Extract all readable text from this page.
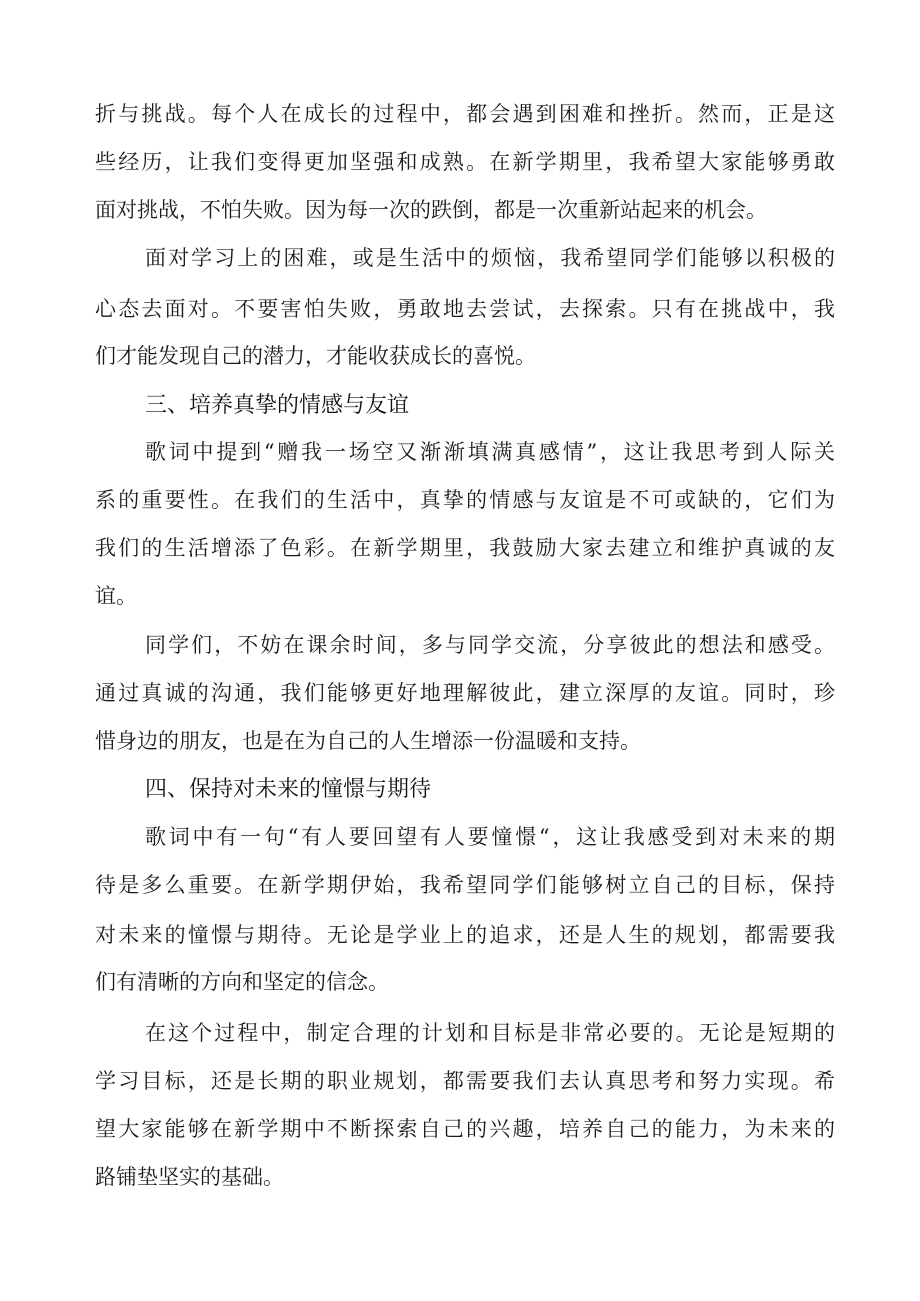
折与挑战。每个人在成长的过程中，都会遇到困难和挫折。然而，正是这
些经历，让我们变得更加坚强和成熟。在新学期里，我希望大家能够勇敢
面对挑战，不怕失败。因为每一次的跌倒，都是一次重新站起来的机会。
面对学习上的困难，或是生活中的烦恼，我希望同学们能够以积极的
心态去面对。不要害怕失败，勇敢地去尝试，去探索。只有在挑战中，我
们才能发现自己的潜力，才能收获成长的喜悦。
三、培养真挚的情感与友谊
歌词中提到“赠我一场空又渐渐填满真感情”，这让我思考到人际关
系的重要性。在我们的生活中，真挚的情感与友谊是不可或缺的，它们为
我们的生活增添了色彩。在新学期里，我鼓励大家去建立和维护真诚的友
谊。
同学们，不妨在课余时间，多与同学交流，分享彼此的想法和感受。
通过真诚的沟通，我们能够更好地理解彼此，建立深厚的友谊。同时，珍
惜身边的朋友，也是在为自己的人生增添一份温暖和支持。
四、保持对未来的憧憬与期待
歌词中有一句“有人要回望有人要憧憬“，这让我感受到对未来的期
待是多么重要。在新学期伊始，我希望同学们能够树立自己的目标，保持
对未来的憧憬与期待。无论是学业上的追求，还是人生的规划，都需要我
们有清晰的方向和坚定的信念。
在这个过程中，制定合理的计划和目标是非常必要的。无论是短期的
学习目标，还是长期的职业规划，都需要我们去认真思考和努力实现。希
望大家能够在新学期中不断探索自己的兴趣，培养自己的能力，为未来的
路铺垫坚实的基础。
